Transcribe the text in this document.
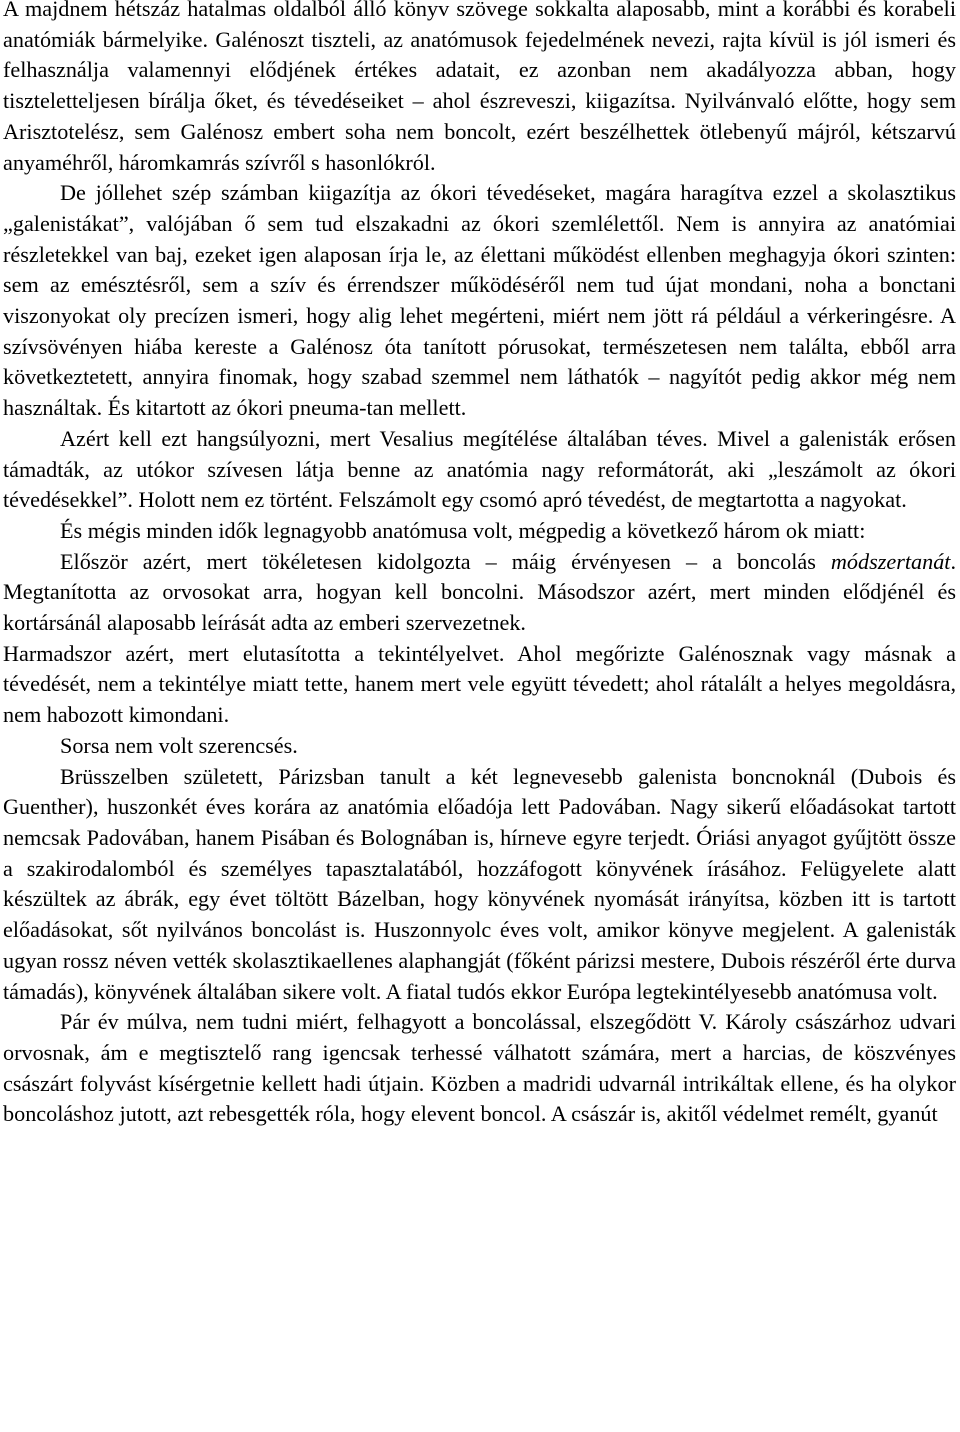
A majdnem hétszáz hatalmas oldalból álló könyv szövege sokkalta alaposabb, mint a korábbi és korabeli anatómiák bármelyike. Galénoszt tiszteli, az anatómusok fejedelmének nevezi, rajta kívül is jól ismeri és felhasználja valamennyi elődjének értékes adatait, ez azonban nem akadályozza abban, hogy tiszteletteljesen bírálja őket, és tévedéseiket – ahol észreveszi, kiigazítsa. Nyilvánvaló előtte, hogy sem Arisztotelész, sem Galénosz embert soha nem boncolt, ezért beszélhettek ötlebenyű májról, kétszarvú anyaméhről, háromkamrás szívről s hasonlókról.

De jóllehet szép számban kiigazítja az ókori tévedéseket, magára haragítva ezzel a skolasztikus „galenistákat”, valójában ő sem tud elszakadni az ókori szemlélettől. Nem is annyira az anatómiai részletekkel van baj, ezeket igen alaposan írja le, az élettani működést ellenben meghagyja ókori szinten: sem az emésztésről, sem a szív és érrendszer működéséről nem tud újat mondani, noha a bonctani viszonyokat oly precízen ismeri, hogy alig lehet megérteni, miért nem jött rá például a vérkeringésre. A szívsövényen hiába kereste a Galénosz óta tanított pórusokat, természetesen nem találta, ebből arra következtetett, annyira finomak, hogy szabad szemmel nem láthatók – nagyítót pedig akkor még nem használtak. És kitartott az ókori pneuma-tan mellett.

Azért kell ezt hangsúlyozni, mert Vesalius megítélése általában téves. Mivel a galenisták erősen támadták, az utókor szívesen látja benne az anatómia nagy reformátorát, aki „leszámolt az ókori tévedésekkel”. Holott nem ez történt. Felszámolt egy csomó apró tévedést, de megtartotta a nagyokat.

És mégis minden idők legnagyobb anatómusa volt, mégpedig a következő három ok miatt:

Először azért, mert tökéletesen kidolgozta – máig érvényesen – a boncolás módszertanát. Megtanította az orvosokat arra, hogyan kell boncolni. Másodszor azért, mert minden elődjénél és kortársánál alaposabb leírását adta az emberi szervezetnek.

Harmadszor azért, mert elutasította a tekintélyelvet. Ahol megőrizte Galénosznak vagy másnak a tévedését, nem a tekintélye miatt tette, hanem mert vele együtt tévedett; ahol rátalált a helyes megoldásra, nem habozott kimondani.

Sorsa nem volt szerencsés.

Brüsszelben született, Párizsban tanult a két legnevesebb galenista boncnoknál (Dubois és Guenther), huszonkét éves korára az anatómia előadója lett Padovában. Nagy sikerű előadásokat tartott nemcsak Padovában, hanem Pisában és Bolognában is, hírneve egyre terjedt. Óriási anyagot gyűjtött össze a szakirodalomból és személyes tapasztalatából, hozzáfogott könyvének írásához. Felügyelete alatt készültek az ábrák, egy évet töltött Bázelban, hogy könyvének nyomását irányítsa, közben itt is tartott előadásokat, sőt nyilvános boncolást is. Huszonnyolc éves volt, amikor könyve megjelent. A galenisták ugyan rossz néven vették skolasztikaellenes alaphangját (főként párizsi mestere, Dubois részéről érte durva támadás), könyvének általában sikere volt. A fiatal tudós ekkor Európa legtekintélyesebb anatómusa volt.

Pár év múlva, nem tudni miért, felhagyott a boncolással, elszegődött V. Károly császárhoz udvari orvosnak, ám e megtisztelő rang igencsak terhessé válhatott számára, mert a harcias, de köszvényes császárt folyvást kísérgetnie kellett hadi útjain. Közben a madridi udvarnál intrikáltak ellene, és ha olykor boncoláshoz jutott, azt rebesgették róla, hogy elevent boncol. A császár is, akitől védelmet remélt, gyanút
